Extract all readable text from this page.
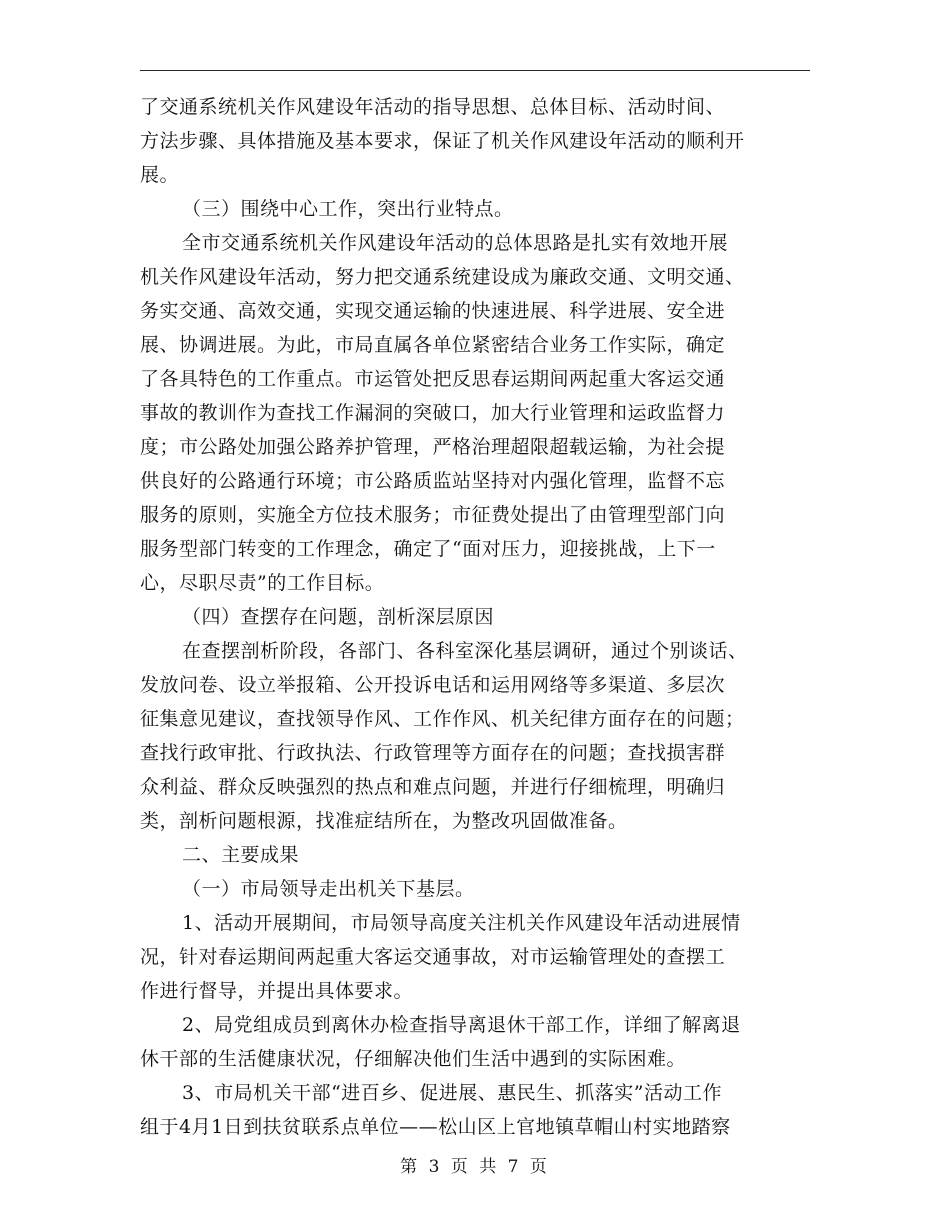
了交通系统机关作风建设年活动的指导思想、总体目标、活动时间、
方法步骤、具体措施及基本要求，保证了机关作风建设年活动的顺利开
展。
（三）围绕中心工作，突出行业特点。
全市交通系统机关作风建设年活动的总体思路是扎实有效地开展
机关作风建设年活动，努力把交通系统建设成为廉政交通、文明交通、
务实交通、高效交通，实现交通运输的快速进展、科学进展、安全进
展、协调进展。为此，市局直属各单位紧密结合业务工作实际，确定
了各具特色的工作重点。市运管处把反思春运期间两起重大客运交通
事故的教训作为查找工作漏洞的突破口，加大行业管理和运政监督力
度；市公路处加强公路养护管理，严格治理超限超载运输，为社会提
供良好的公路通行环境；市公路质监站坚持对内强化管理，监督不忘
服务的原则，实施全方位技术服务；市征费处提出了由管理型部门向
服务型部门转变的工作理念，确定了“面对压力，迎接挑战，上下一
心，尽职尽责”的工作目标。
（四）查摆存在问题，剖析深层原因
在查摆剖析阶段，各部门、各科室深化基层调研，通过个别谈话、
发放问卷、设立举报箱、公开投诉电话和运用网络等多渠道、多层次
征集意见建议，查找领导作风、工作作风、机关纪律方面存在的问题；
查找行政审批、行政执法、行政管理等方面存在的问题；查找损害群
众利益、群众反映强烈的热点和难点问题，并进行仔细梳理，明确归
类，剖析问题根源，找准症结所在，为整改巩固做准备。
二、主要成果
（一）市局领导走出机关下基层。
1、活动开展期间，市局领导高度关注机关作风建设年活动进展情
况，针对春运期间两起重大客运交通事故，对市运输管理处的查摆工
作进行督导，并提出具体要求。
2、局党组成员到离休办检查指导离退休干部工作，详细了解离退
休干部的生活健康状况，仔细解决他们生活中遇到的实际困难。
3、市局机关干部“进百乡、促进展、惠民生、抓落实”活动工作
组于4月1日到扶贫联系点单位——松山区上官地镇草帽山村实地踏察
第 3 页 共 7 页
